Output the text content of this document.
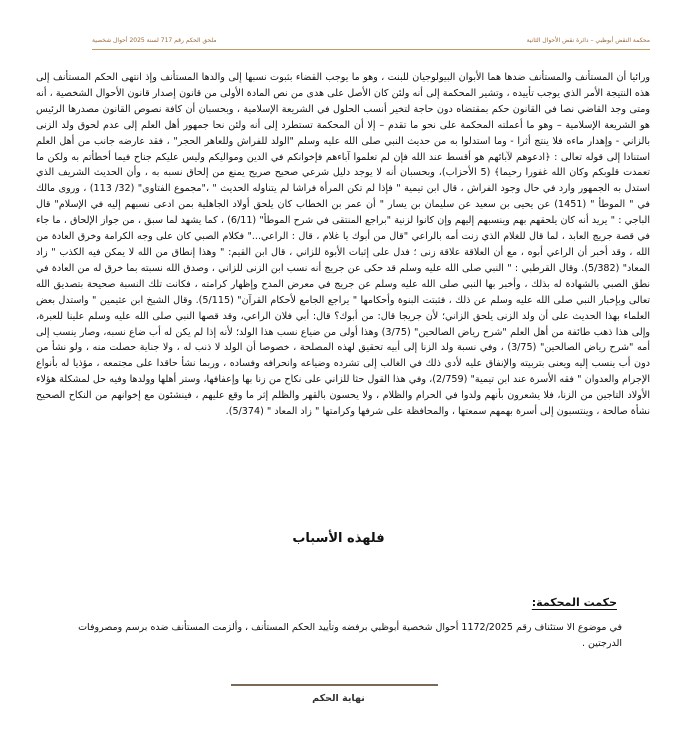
محكمة النقض أبوظبي – دائرة نقض الأحوال الثانية
ملحق الحكم رقم 717 لسنة 2025 أحوال شخصية

ورائيا أن المستأنف والمستأنف ضدها هما الأبوان البيولوجيان للبنت ، وهو ما يوجب القضاء بثبوت نسبها إلى والدها المستأنف وإذ انتهى الحكم المستأنف إلى هذه النتيجة الأمر الذي يوجب تأييده ، وتشير المحكمة إلى أنه ولئن كان الأصل على هدى من نص المادة الأولى من قانون إصدار قانون الأحوال الشخصية ، أنه ومتى وجد القاضي نصا في القانون حكم بمقتضاه دون حاجة لتخير أنسب الحلول في الشريعة الإسلامية ، وبحسبان أن كافة نصوص القانون مصدرها الرئيس هو الشريعة الإسلامية – وهو ما أعملته المحكمة على نحو ما تقدم – إلا أن المحكمة تستطرد إلى أنه ولئن نحا جمهور أهل العلم إلى عدم لحوق ولد الزنى بالزاني - وإهدار ماءه فلا ينتج أثرا - وما استدلوا به من حديث النبي صلى الله عليه وسلم "الولد للفراش وللعاهر الحجر" ، فقد عارضه جانب من أهل العلم استنادا إلى قوله تعالى : ﴿ادعوهم لآبائهم هو أقسط عند الله فإن لم تعلموا آباءهم فإخوانكم في الدين ومواليكم وليس عليكم جناح فيما أخطأتم به ولكن ما تعمدت قلوبكم وكان الله غفورا رحيما﴾ (5 الأحزاب)، وبحسبان أنه لا يوجد دليل شرعي صحيح صريح يمنع من إلحاق نسبه به ، وأن الحديث الشريف الذي استدل به الجمهور وارد في حال وجود الفراش ، قال ابن تيمية " فإذا لم تكن المرأة فراشا لم يتناوله الحديث " ،"مجموع الفتاوى" (32/ 113) ، وروى مالك في " الموطأ " (1451) عن يحيى بن سعيد عن سليمان بن يسار " أن عمر بن الخطاب كان يلحق أولاد الجاهلية بمن ادعى نسبهم إليه في الإسلام" قال الباجي : " يريد أنه كان يلحقهم بهم وينسبهم إليهم وإن كانوا لزنية "براجع المنتقى في شرح الموطأ" (6/11) ، كما يشهد لما سبق ، من جواز الإلحاق ، ما جاء في قصة جريج العابد ، لما قال للغلام الذي زنت أمه بالراعي "قال من أبوك يا غلام ، قال : الراعي..." فكلام الصبي كان على وجه الكرامة وخرق العادة من الله ، وقد أخبر أن الراعي أبوه ، مع أن العلاقة علاقة زنى ؛ فدل على إثبات الأبوة للزاني ، قال ابن القيم: " وهذا إنطاق من الله لا يمكن فيه الكذب " زاد المعاد" (5/382). وقال القرطبي : " النبي صلى الله عليه وسلم قد حكى عن جريج أنه نسب ابن الزنى للزاني ، وصدق الله نسبته بما خرق له من العادة في نطق الصبي بالشهادة له بذلك ، وأخبر بها النبي صلى الله عليه وسلم عن جريج في معرض المدح وإظهار كرامته ، فكانت تلك النسبة صحيحة بتصديق الله تعالى وبإخبار النبي صلى الله عليه وسلم عن ذلك ، فثبتت البنوة وأحكامها " يراجع الجامع لأحكام القرآن" (5/115). وقال الشيخ ابن عثيمين " واستدل بعض العلماء بهذا الحديث على أن ولد الزنى يلحق الزاني؛ لأن جريجا قال: من أبوك؟ قال: أبي فلان الراعي، وقد قصها النبي صلى الله عليه وسلم علينا للعبرة، وإلى هذا ذهب طائفة من أهل العلم "شرح رياض الصالحين" (3/75) وهذا أولى من ضياع نسب هذا الولد؛ لأنه إذا لم يكن له أب ضاع نسبه، وصار ينسب إلى أمه "شرح رياض الصالحين" (3/75) ، وفي نسبة ولد الزنا إلى أبيه تحقيق لهذه المصلحة ، خصوصا أن الولد لا ذنب له ، ولا جناية حصلت منه ، ولو نشأ من دون أب ينسب إليه ويعنى بتربيته والإنفاق عليه لأدى ذلك في الغالب إلى تشرده وضياعه وانحرافه وفساده ، وربما نشأ حاقدا على مجتمعه ، مؤذيا له بأنواع الإجرام والعدوان " فقه الأسرة عند ابن تيمية" (2/759)، وفي هذا القول حثا للزاني على نكاح من زنا بها وإعفافها، وستر أهلها وولدها وفيه حل لمشكلة هؤلاء الأولاد التاجين من الزنا، فلا يشعرون بأنهم ولدوا في الحرام والظلام ، ولا يحسون بالقهر والظلم إثر ما وقع عليهم ، فينشئون مع إخوانهم من النكاح الصحيح نشأة صالحة ، وينتسبون إلى أسرة بهمهم سمعتها ، والمحافظة على شرفها وكرامتها " زاد المعاد " (5/374).

فلهذه الأسباب
حكمت المحكمة:

في موضوع الا ستئناف رقم 1172/2025 أحوال شخصية أبوظبي برفضه وتأييد الحكم المستأنف ، وألزمت المستأنف ضده برسم ومصروفات الدرجتين .

نهاية الحكم
